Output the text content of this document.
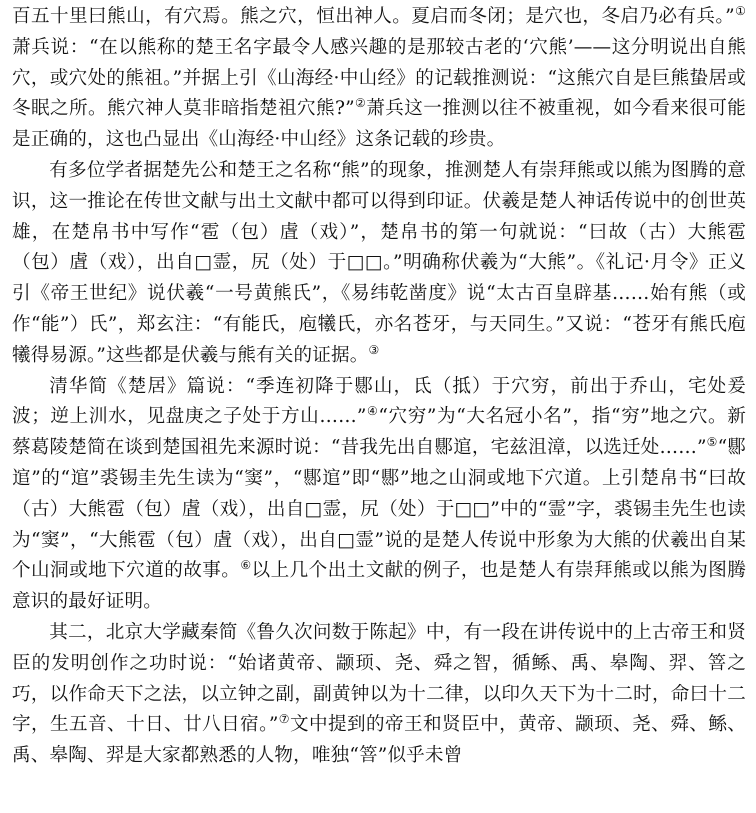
百五十里曰熊山，有穴焉。熊之穴，恒出神人。夏启而冬闭；是穴也，冬启乃必有兵。”①萧兵说：“在以熊称的楚王名字最令人感兴趣的是那较古老的‘穴熊’——这分明说出自熊穴，或穴处的熊祖。”并据上引《山海经·中山经》的记载推测说：“这熊穴自是巨熊蛰居或冬眠之所。熊穴神人莫非暗指楚祖穴熊?”②萧兵这一推测以往不被重视，如今看来很可能是正确的，这也凸显出《山海经·中山经》这条记载的珍贵。

有多位学者据楚先公和楚王之名称“熊”的现象，推测楚人有崇拜熊或以熊为图腾的意识，这一推论在传世文献与出土文献中都可以得到印证。伏羲是楚人神话传说中的创世英雄，在楚帛书中写作“雹（包）虘（戏）”，楚帛书的第一句就说：“曰故（古）大熊雹（包）虘（戏），出自□霊，尻（处）于□□。”明确称伏羲为“大熊”。《礼记·月令》正义引《帝王世纪》说伏羲“一号黄熊氏”，《易纬乾凿度》说“太古百皇辟基……始有熊（或作“能”）氏”，郑玄注：“有能氏，庖犧氏，亦名苍牙，与天同生。”又说：“苍牙有熊氏庖犧得易源。”这些都是伏羲与熊有关的证据。③

清华简《楚居》篇说：“季连初降于郻山，氐（抵）于穴穷，前出于乔山，宅处爰波；逆上汌水，见盘庚之子处于方山……”④“穴穷”为“大名冠小名”，指“穷”地之穴。新蔡葛陵楚简在谈到楚国祖先来源时说：“昔我先出自郻逭，宅兹沮漳，以选迁处……”⑤“郻逭”的“逭”裘锡圭先生读为“窦”，“郻逭”即“郻”地之山洞或地下穴道。上引楚帛书“曰故（古）大熊雹（包）虘（戏），出自□霊，尻（处）于□□”中的“霊”字，裘锡圭先生也读为“窦”，“大熊雹（包）虘（戏），出自□霊”说的是楚人传说中形象为大熊的伏羲出自某个山洞或地下穴道的故事。⑥以上几个出土文献的例子，也是楚人有崇拜熊或以熊为图腾意识的最好证明。

其二，北京大学藏秦简《鲁久次问数于陈起》中，有一段在讲传说中的上古帝王和贤臣的发明创作之功时说：“始诸黄帝、颛顼、尧、舜之智，循鲧、禹、皋陶、羿、箁之巧，以作命天下之法，以立钟之副，副黄钟以为十二律，以印久天下为十二时，命曰十二字，生五音、十日、廿八日宿。”⑦文中提到的帝王和贤臣中，黄帝、颛顼、尧、舜、鲧、禹、皋陶、羿是大家都熟悉的人物，唯独“箁”似乎未曾
